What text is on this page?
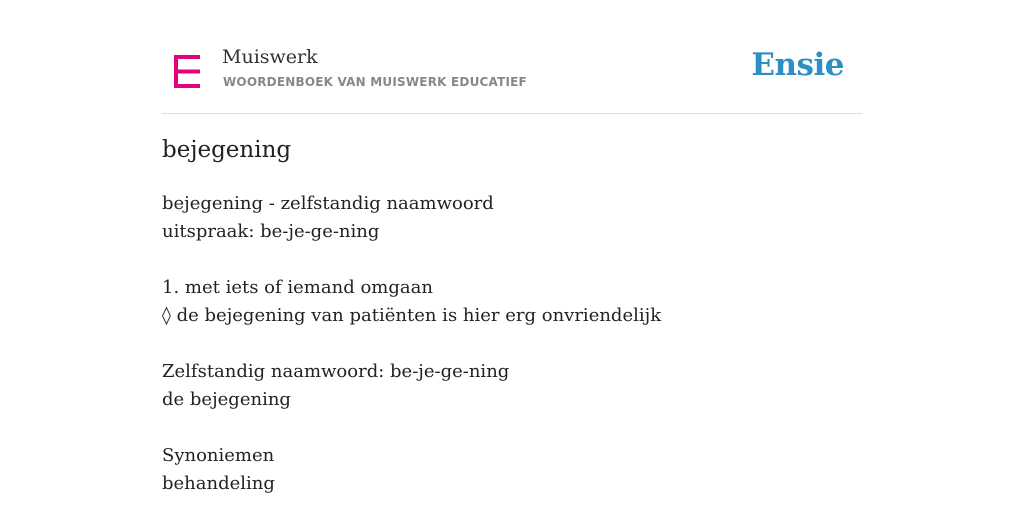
Muiswerk
WOORDENBOEK VAN MUISWERK EDUCATIEF	Ensie
bejegening
bejegening - zelfstandig naamwoord
uitspraak: be-je-ge-ning
1. met iets of iemand omgaan
◊ de bejegening van patiënten is hier erg onvriendelijk
Zelfstandig naamwoord: be-je-ge-ning
de bejegening
Synoniemen
behandeling
